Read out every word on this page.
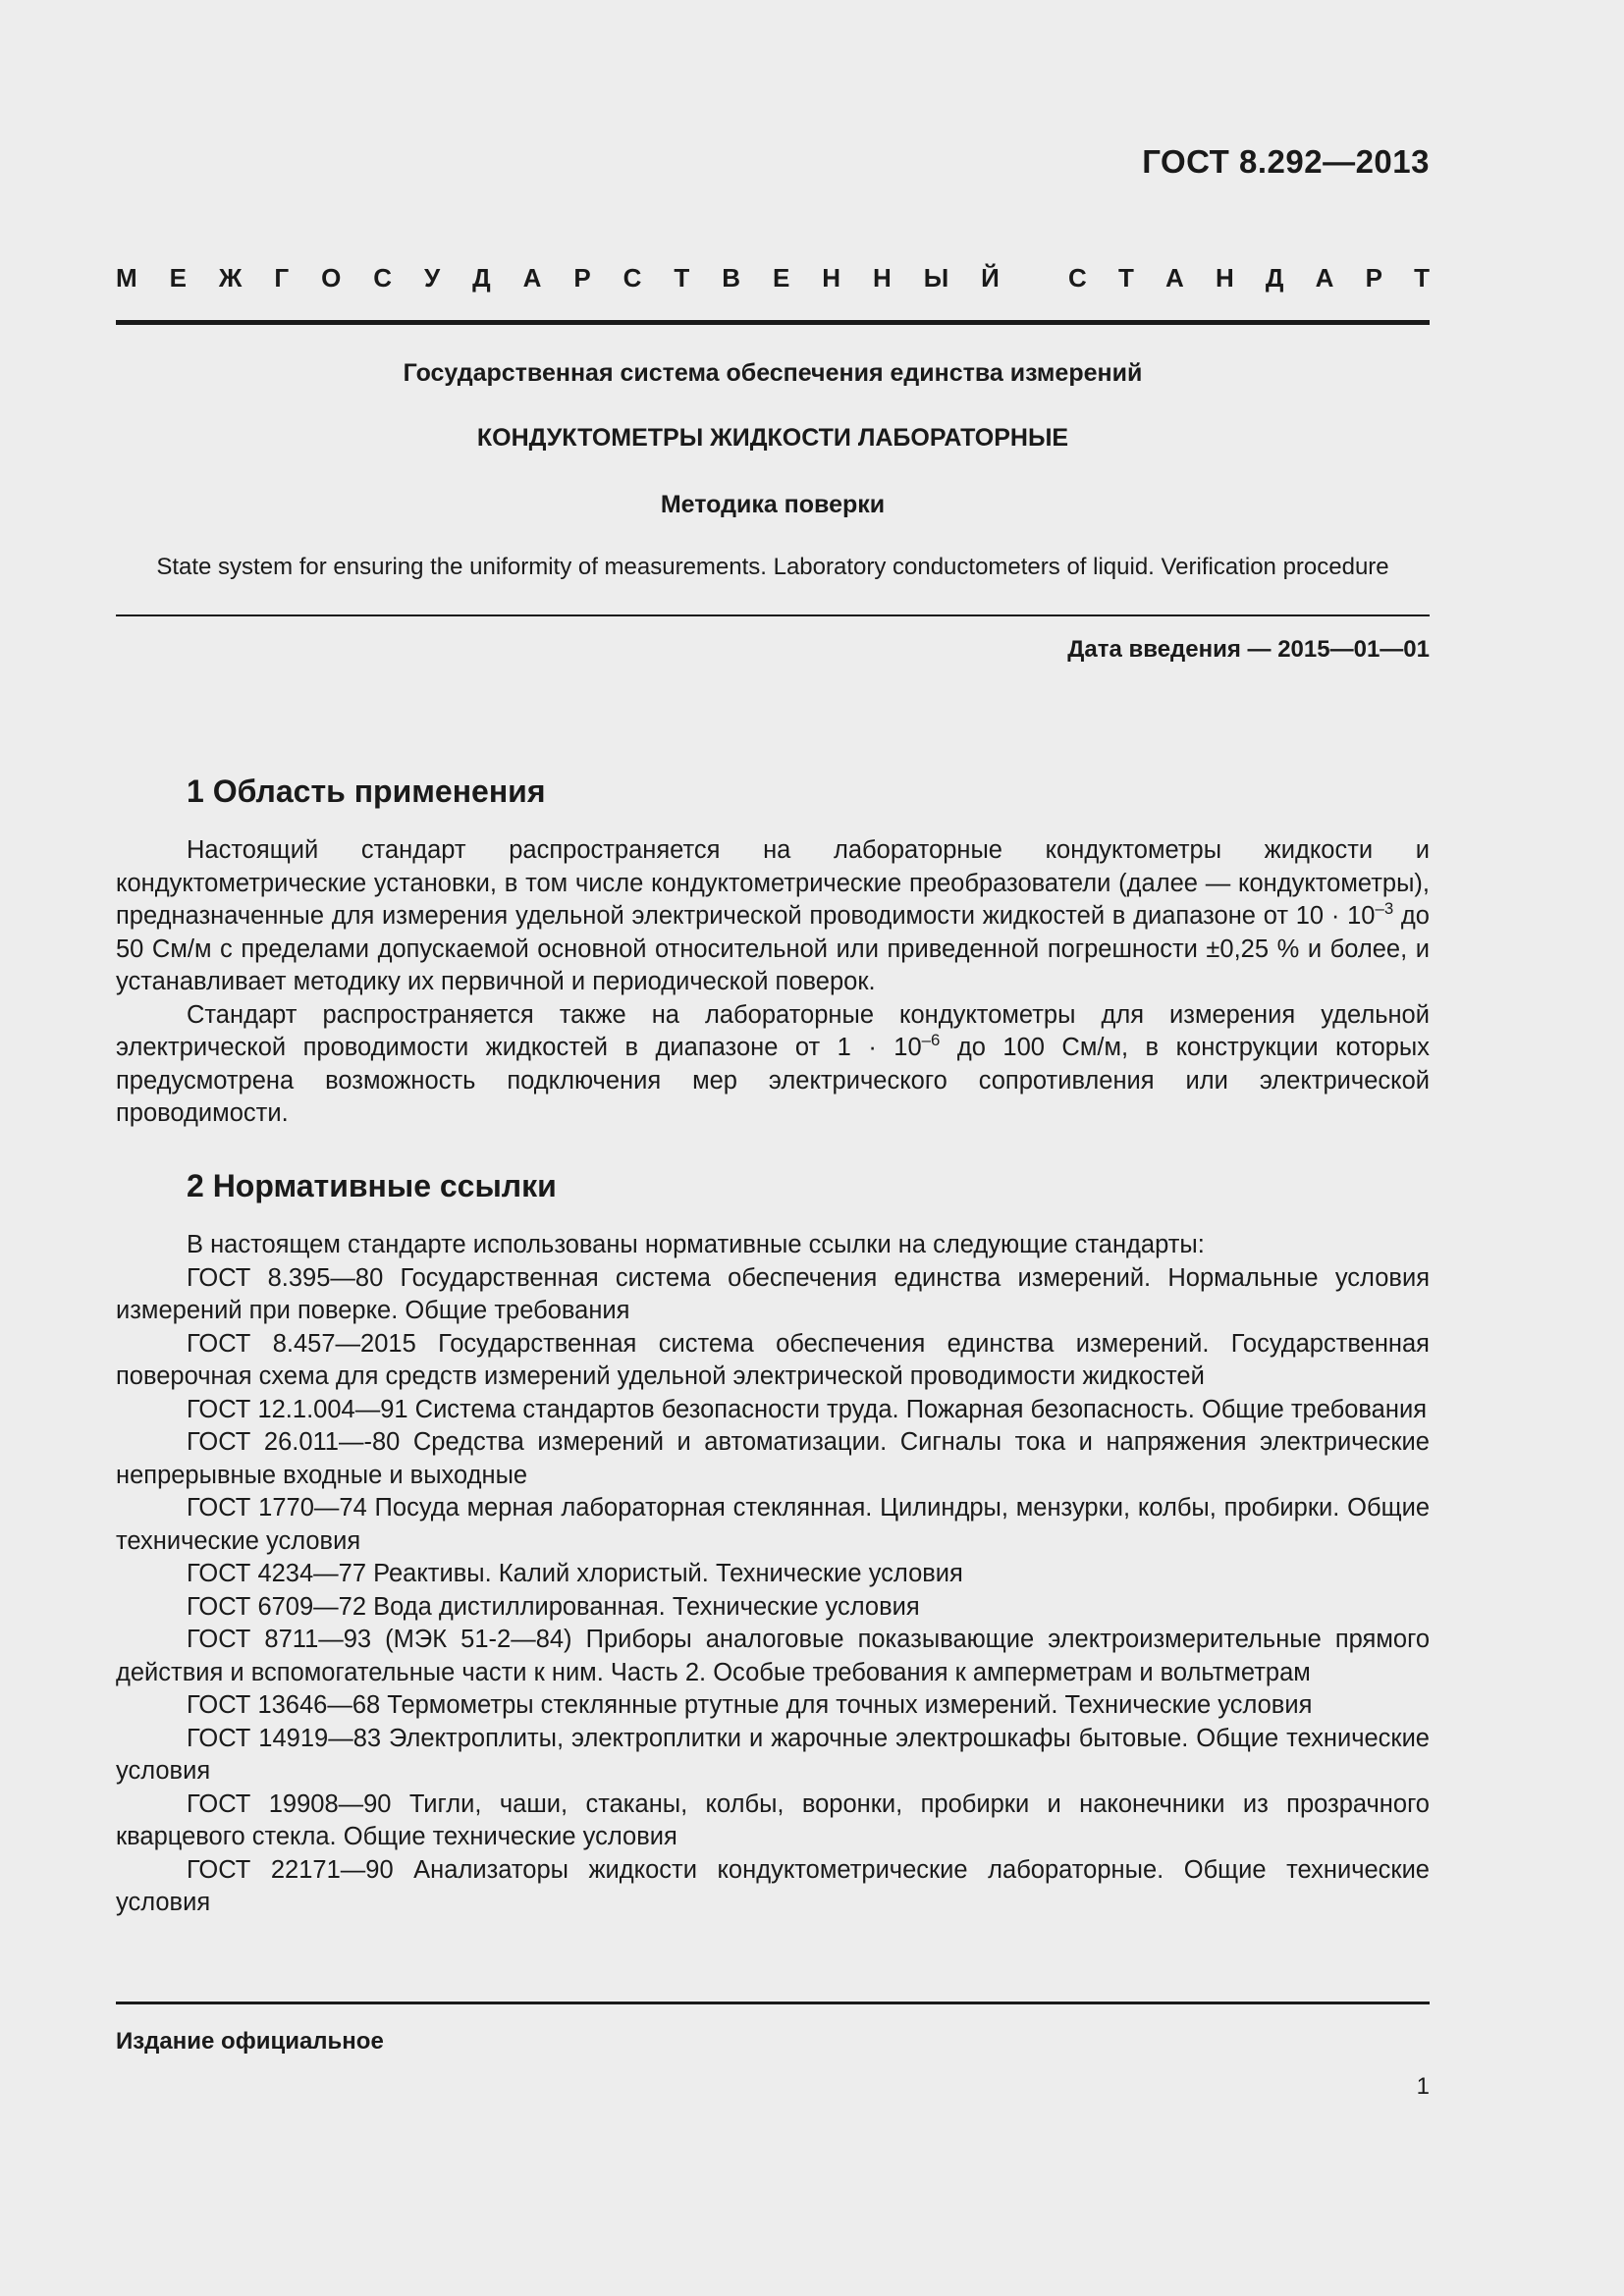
ГОСТ 8.292—2013
М Е Ж Г О С У Д А Р С Т В Е Н Н Ы Й	С Т А Н Д А Р Т
Государственная система обеспечения единства измерений
КОНДУКТОМЕТРЫ ЖИДКОСТИ ЛАБОРАТОРНЫЕ
Методика поверки
State system for ensuring the uniformity of measurements. Laboratory conductometers of liquid. Verification procedure
Дата введения — 2015—01—01
1 Область применения

Настоящий стандарт распространяется на лабораторные кондуктометры жидкости и кондуктометрические установки, в том числе кондуктометрические преобразователи (далее — кондуктометры), предназначенные для измерения удельной электрической проводимости жидкостей в диапазоне от $10 \cdot 10^{-3}$ до 50 См/м с пределами допускаемой основной относительной или приведенной погрешности ±0,25 % и более, и устанавливает методику их первичной и периодической поверок.

Стандарт распространяется также на лабораторные кондуктометры для измерения удельной электрической проводимости жидкостей в диапазоне от $1 \cdot 10^{-6}$ до 100 См/м, в конструкции которых предусмотрена возможность подключения мер электрического сопротивления или электрической проводимости.

2 Нормативные ссылки

В настоящем стандарте использованы нормативные ссылки на следующие стандарты:

ГОСТ 8.395—80 Государственная система обеспечения единства измерений. Нормальные условия измерений при поверке. Общие требования

ГОСТ 8.457—2015 Государственная система обеспечения единства измерений. Государственная поверочная схема для средств измерений удельной электрической проводимости жидкостей

ГОСТ 12.1.004—91 Система стандартов безопасности труда. Пожарная безопасность. Общие требования

ГОСТ 26.011—-80 Средства измерений и автоматизации. Сигналы тока и напряжения электрические непрерывные входные и выходные

ГОСТ 1770—74 Посуда мерная лабораторная стеклянная. Цилиндры, мензурки, колбы, пробирки. Общие технические условия

ГОСТ 4234—77 Реактивы. Калий хлористый. Технические условия

ГОСТ 6709—72 Вода дистиллированная. Технические условия

ГОСТ 8711—93 (МЭК 51-2—84) Приборы аналоговые показывающие электроизмерительные прямого действия и вспомогательные части к ним. Часть 2. Особые требования к амперметрам и вольтметрам

ГОСТ 13646—68 Термометры стеклянные ртутные для точных измерений. Технические условия

ГОСТ 14919—83 Электроплиты, электроплитки и жарочные электрошкафы бытовые. Общие технические условия

ГОСТ 19908—90 Тигли, чаши, стаканы, колбы, воронки, пробирки и наконечники из прозрачного кварцевого стекла. Общие технические условия

ГОСТ 22171—90 Анализаторы жидкости кондуктометрические лабораторные. Общие технические условия

Издание официальное
1
